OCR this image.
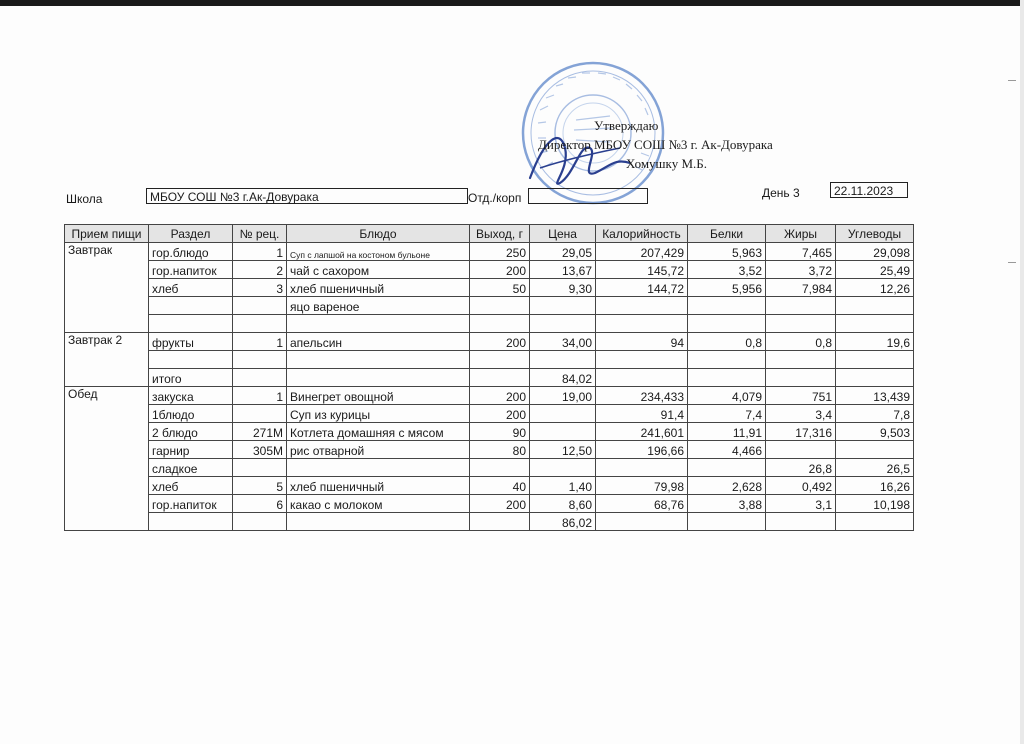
Утверждаю
Директор МБОУ СОШ №3 г. Ак-Довурака
Хомушку М.Б.
Школа	МБОУ СОШ №3 г.Ак-Довурака	Отд./корп	День 3	22.11.2023
Прием пищи	Раздел	№ рец.	Блюдо	Выход, г	Цена	Калорийность	Белки	Жиры	Углеводы
Завтрак	гор.блюдо	1	Суп с лапшой на костоном бульоне	250	29,05	207,429	5,963	7,465	29,098
	гор.напиток	2	чай с сахором	200	13,67	145,72	3,52	3,72	25,49
	хлеб	3	хлеб пшеничный	50	9,30	144,72	5,956	7,984	12,26
			яцо вареное						

Завтрак 2	фрукты	1	апельсин	200	34,00	94	0,8	0,8	19,6

	итого				84,02				
Обед	закуска	1	Винегрет овощной	200	19,00	234,433	4,079	751	13,439
	1блюдо		Суп из курицы	200		91,4	7,4	3,4	7,8
	2 блюдо	271М	Котлета домашняя с мясом	90		241,601	11,91	17,316	9,503
	гарнир	305М	рис отварной	80	12,50	196,66	4,466		
	сладкое							26,8	26,5
	хлеб	5	хлеб пшеничный	40	1,40	79,98	2,628	0,492	16,26
	гор.напиток	6	какао с молоком	200	8,60	68,76	3,88	3,1	10,198
					86,02				
